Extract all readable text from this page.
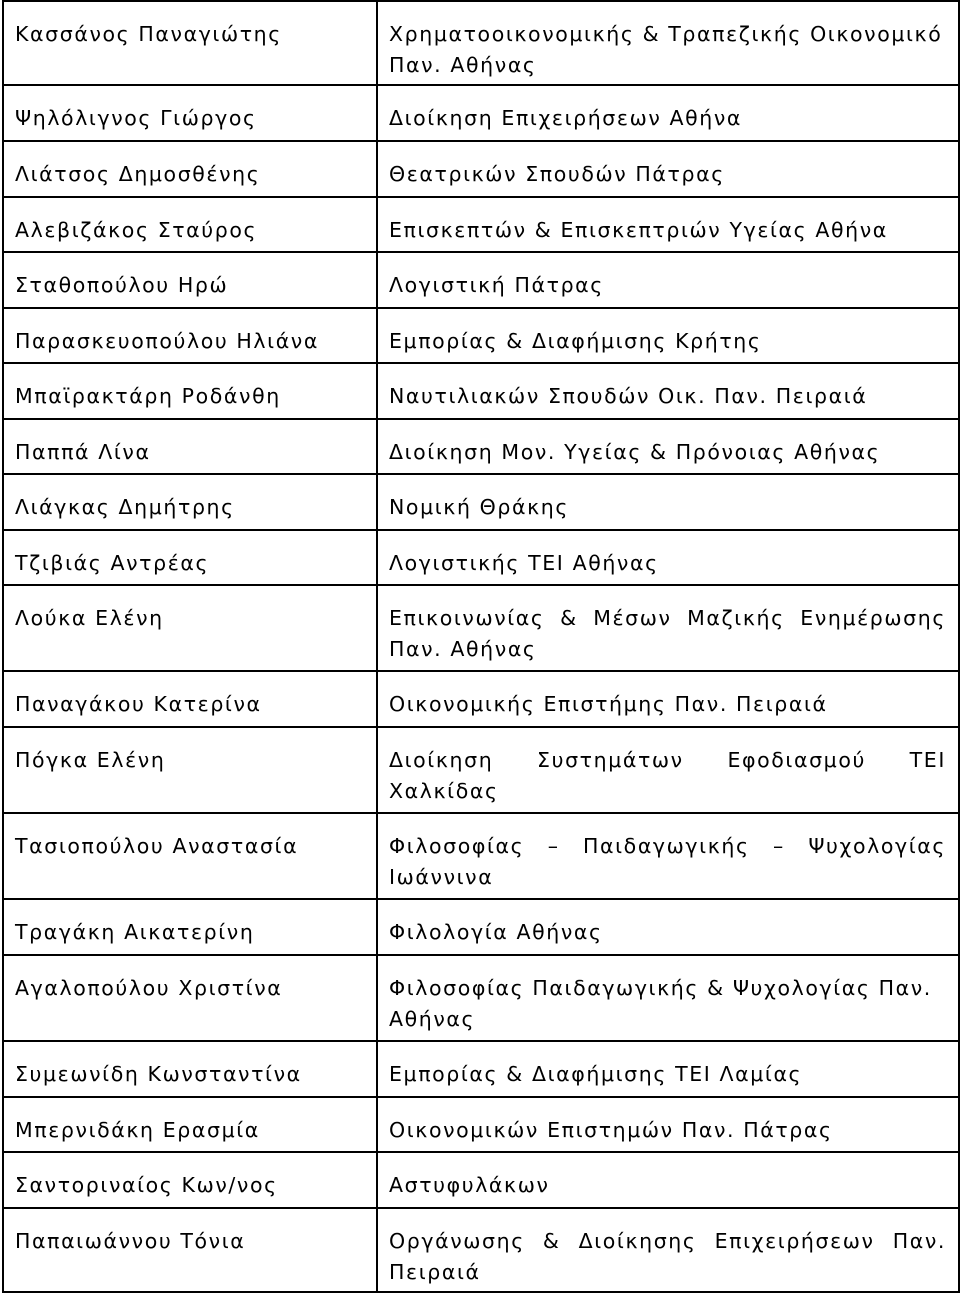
Κασσάνος Παναγιώτης	Χρηματοοικονομικής & Τραπεζικής Οικονομικό Παν. Αθήνας
Ψηλόλιγνος Γιώργος	Διοίκηση Επιχειρήσεων Αθήνα
Λιάτσος Δημοσθένης	Θεατρικών Σπουδών Πάτρας
Αλεβιζάκος Σταύρος	Επισκεπτών & Επισκεπτριών Υγείας Αθήνα
Σταθοπούλου Ηρώ	Λογιστική Πάτρας
Παρασκευοπούλου Ηλιάνα	Εμπορίας & Διαφήμισης Κρήτης
Μπαϊρακτάρη Ροδάνθη	Ναυτιλιακών Σπουδών Οικ. Παν. Πειραιά
Παππά Λίνα	Διοίκηση Μον. Υγείας & Πρόνοιας Αθήνας
Λιάγκας Δημήτρης	Νομική Θράκης
Τζιβιάς Αντρέας	Λογιστικής ΤΕΙ Αθήνας
Λούκα Ελένη	Επικοινωνίας & Μέσων Μαζικής Ενημέρωσης Παν. Αθήνας
Παναγάκου Κατερίνα	Οικονομικής Επιστήμης Παν. Πειραιά
Πόγκα Ελένη	Διοίκηση Συστημάτων Εφοδιασμού ΤΕΙ Χαλκίδας
Τασιοπούλου Αναστασία	Φιλοσοφίας – Παιδαγωγικής – Ψυχολογίας Ιωάννινα
Τραγάκη Αικατερίνη	Φιλολογία Αθήνας
Αγαλοπούλου Χριστίνα	Φιλοσοφίας Παιδαγωγικής & Ψυχολογίας Παν. Αθήνας
Συμεωνίδη Κωνσταντίνα	Εμπορίας & Διαφήμισης ΤΕΙ Λαμίας
Μπερνιδάκη Ερασμία	Οικονομικών Επιστημών Παν. Πάτρας
Σαντοριναίος Κων/νος	Αστυφυλάκων
Παπαιωάννου Τόνια	Οργάνωσης & Διοίκησης Επιχειρήσεων Παν. Πειραιά
